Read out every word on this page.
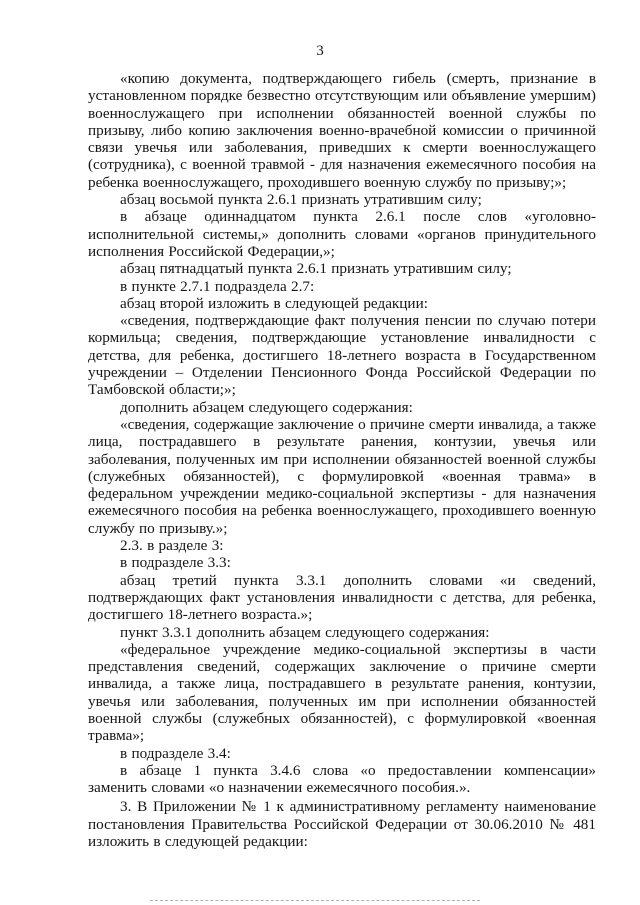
3

«копию документа, подтверждающего гибель (смерть, признание в установленном порядке безвестно отсутствующим или объявление умершим) военнослужащего при исполнении обязанностей военной службы по призыву, либо копию заключения военно-врачебной комиссии о причинной связи увечья или заболевания, приведших к смерти военнослужащего (сотрудника), с военной травмой - для назначения ежемесячного пособия на ребенка военнослужащего, проходившего военную службу по призыву;»;

абзац восьмой пункта 2.6.1 признать утратившим силу;

в абзаце одиннадцатом пункта 2.6.1 после слов «уголовно-исполнительной системы,» дополнить словами «органов принудительного исполнения Российской Федерации,»;

абзац пятнадцатый пункта 2.6.1 признать утратившим силу;

в пункте 2.7.1 подраздела 2.7:

абзац второй изложить в следующей редакции:

«сведения, подтверждающие факт получения пенсии по случаю потери кормильца; сведения, подтверждающие установление инвалидности с детства, для ребенка, достигшего 18-летнего возраста в Государственном учреждении – Отделении Пенсионного Фонда Российской Федерации по Тамбовской области;»;

дополнить абзацем следующего содержания:

«сведения, содержащие заключение о причине смерти инвалида, а также лица, пострадавшего в результате ранения, контузии, увечья или заболевания, полученных им при исполнении обязанностей военной службы (служебных обязанностей), с формулировкой «военная травма» в федеральном учреждении медико-социальной экспертизы - для назначения ежемесячного пособия на ребенка военнослужащего, проходившего военную службу по призыву.»;

2.3. в разделе 3:

в подразделе 3.3:

абзац третий пункта 3.3.1 дополнить словами «и сведений, подтверждающих факт установления инвалидности с детства, для ребенка, достигшего 18-летнего возраста.»;

пункт 3.3.1 дополнить абзацем следующего содержания:

«федеральное учреждение медико-социальной экспертизы в части представления сведений, содержащих заключение о причине смерти инвалида, а также лица, пострадавшего в результате ранения, контузии, увечья или заболевания, полученных им при исполнении обязанностей военной службы (служебных обязанностей), с формулировкой «военная травма»;

в подразделе 3.4:

в абзаце 1 пункта 3.4.6 слова «о предоставлении компенсации» заменить словами «о назначении ежемесячного пособия.».

3. В Приложении № 1 к административному регламенту наименование постановления Правительства Российской Федерации от 30.06.2010 № 481 изложить в следующей редакции:
